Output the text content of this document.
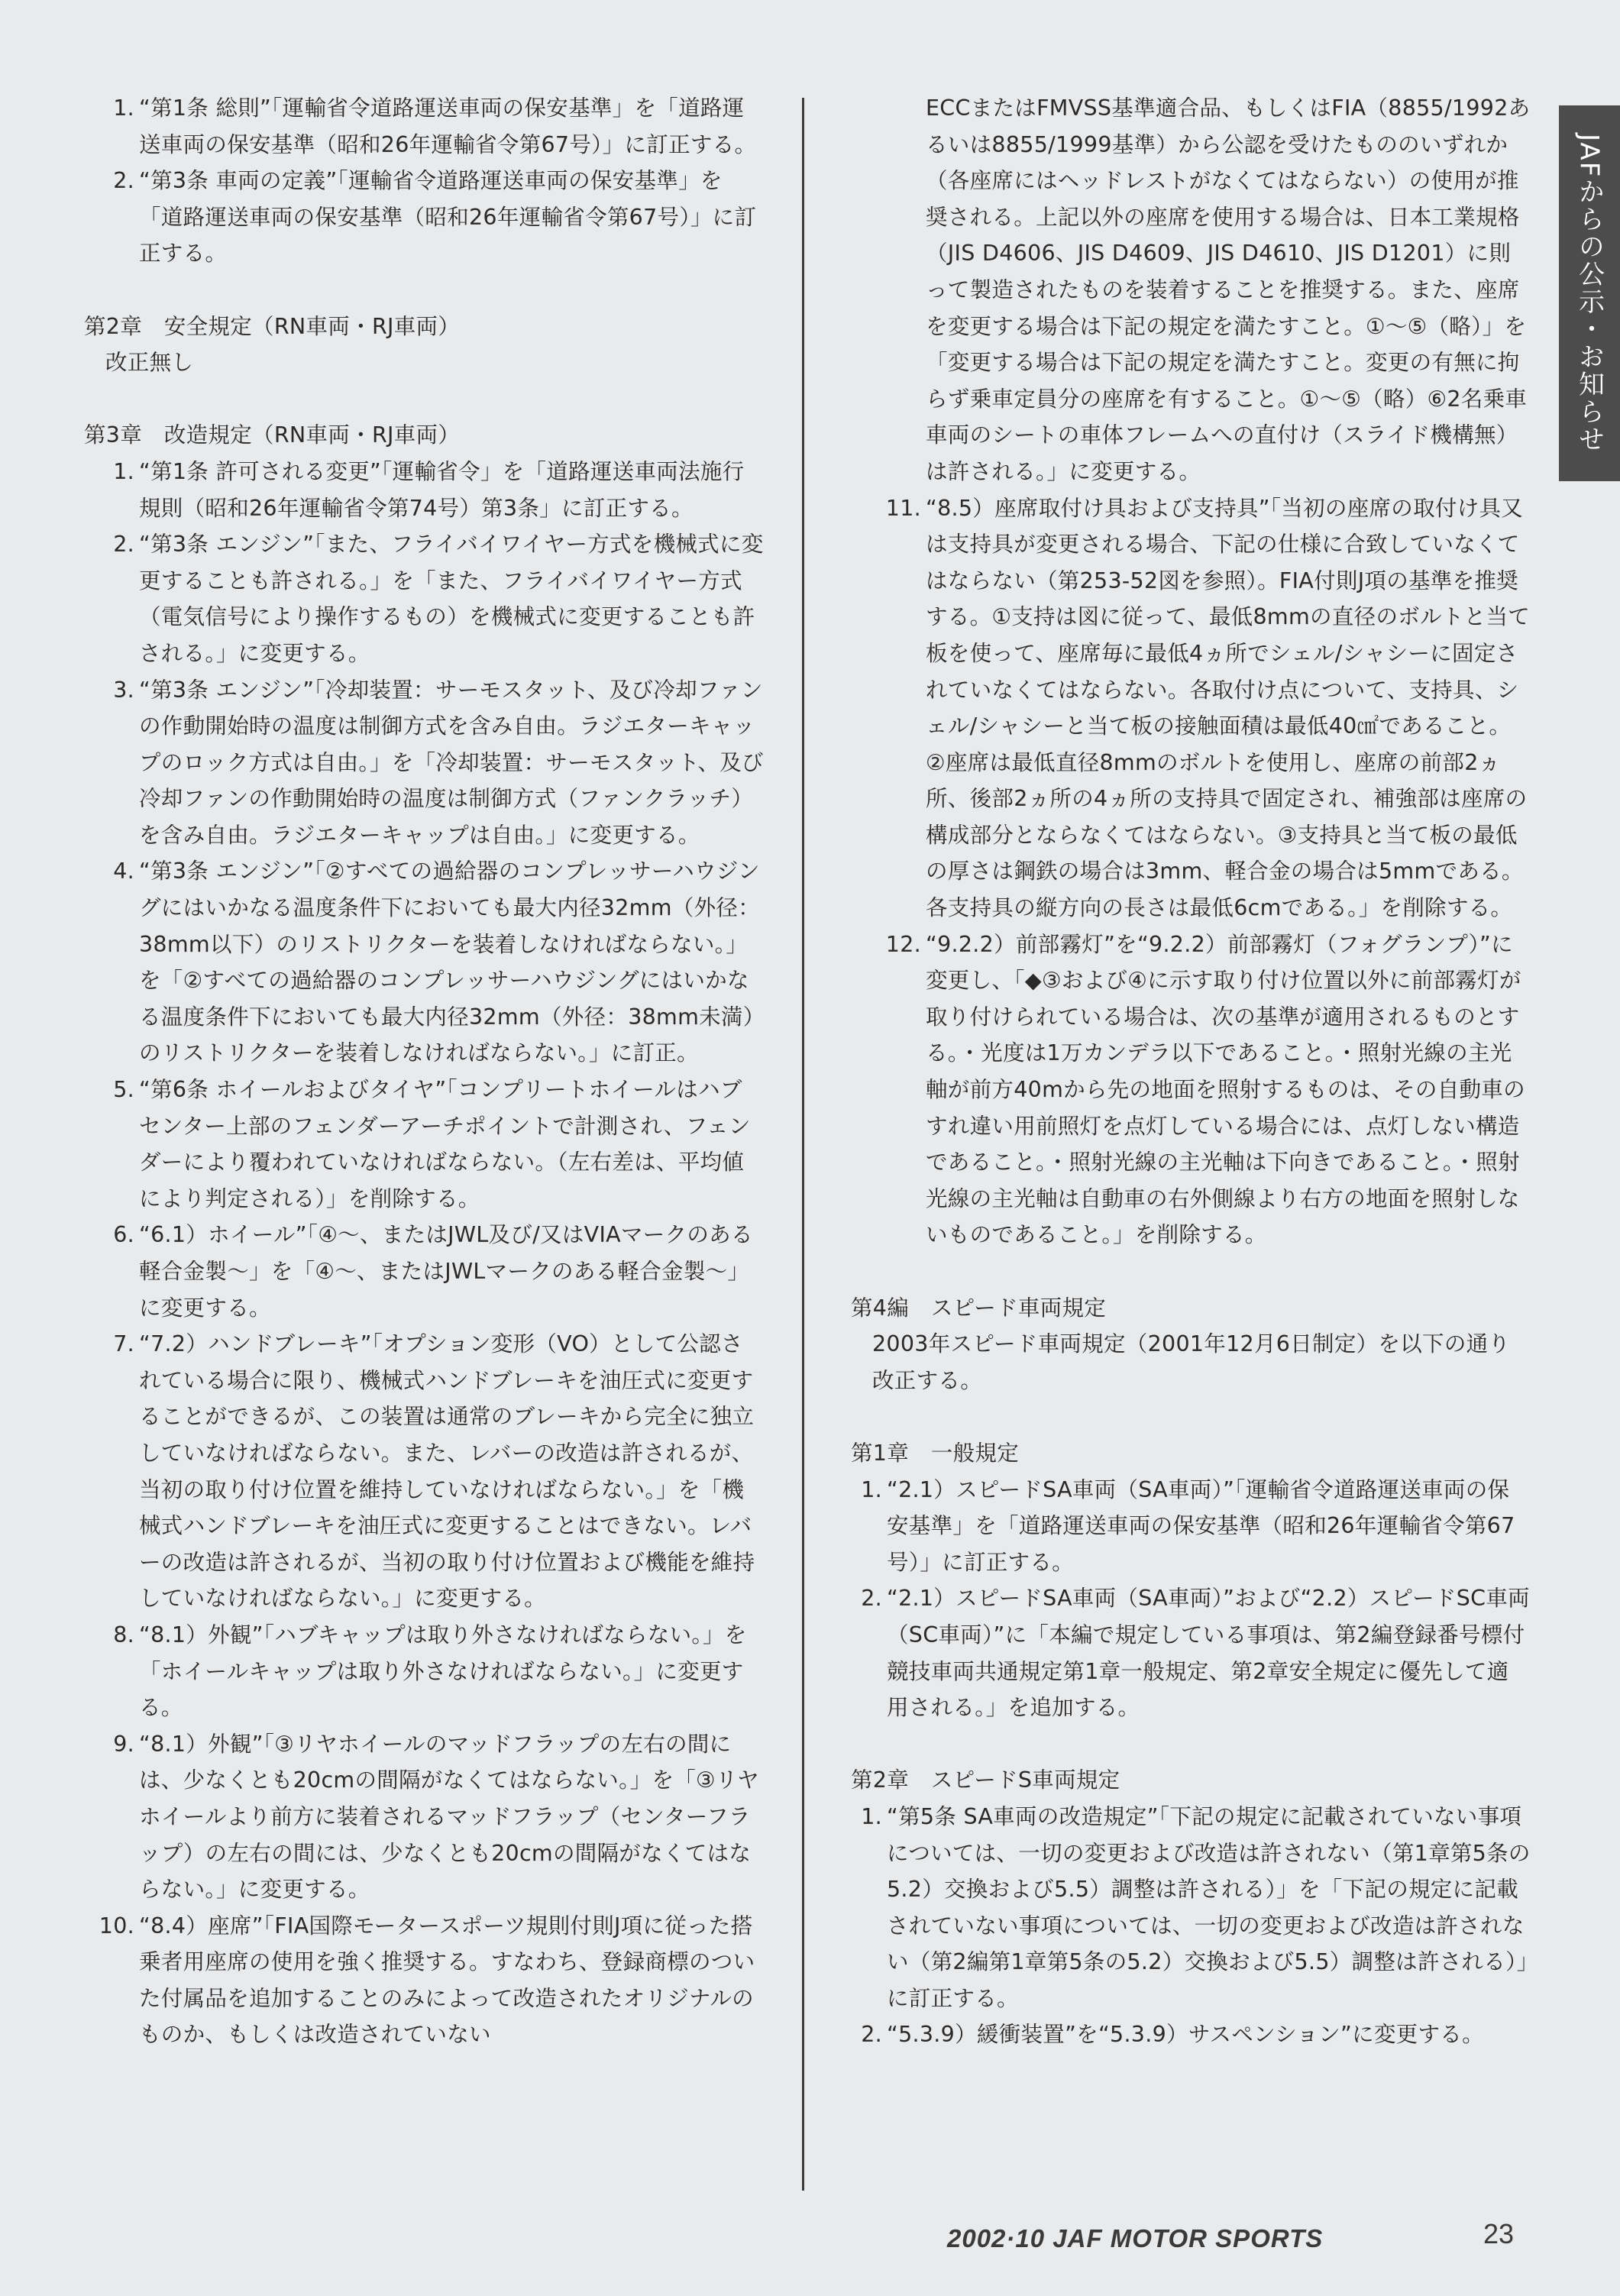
JAFからの公示・お知らせ
1. “第1条 総則”「運輸省令道路運送車両の保安基準」を「道路運送車両の保安基準（昭和26年運輸省令第67号）」に訂正する。
2. “第3条 車両の定義”「運輸省令道路運送車両の保安基準」を「道路運送車両の保安基準（昭和26年運輸省令第67号）」に訂正する。
第2章　安全規定（RN車両・RJ車両）
改正無し
第3章　改造規定（RN車両・RJ車両）
1. “第1条 許可される変更”「運輸省令」を「道路運送車両法施行規則（昭和26年運輸省令第74号）第3条」に訂正する。
2. “第3条 エンジン”「また、フライバイワイヤー方式を機械式に変更することも許される。」を「また、フライバイワイヤー方式（電気信号により操作するもの）を機械式に変更することも許される。」に変更する。
3. “第3条 エンジン”「冷却装置：サーモスタット、及び冷却ファンの作動開始時の温度は制御方式を含み自由。ラジエターキャップのロック方式は自由。」を「冷却装置：サーモスタット、及び冷却ファンの作動開始時の温度は制御方式（ファンクラッチ）を含み自由。ラジエターキャップは自由。」に変更する。
4. “第3条 エンジン”「②すべての過給器のコンプレッサーハウジングにはいかなる温度条件下においても最大内径32mm（外径：38mm以下）のリストリクターを装着しなければならない。」を「②すべての過給器のコンプレッサーハウジングにはいかなる温度条件下においても最大内径32mm（外径：38mm未満）のリストリクターを装着しなければならない。」に訂正。
5. “第6条 ホイールおよびタイヤ”「コンプリートホイールはハブセンター上部のフェンダーアーチポイントで計測され、フェンダーにより覆われていなければならない。（左右差は、平均値により判定される）」を削除する。
6. “6.1）ホイール”「④～、またはJWL及び/又はVIAマークのある軽合金製～」を「④～、またはJWLマークのある軽合金製～」に変更する。
7. “7.2）ハンドブレーキ”「オプション変形（VO）として公認されている場合に限り、機械式ハンドブレーキを油圧式に変更することができるが、この装置は通常のブレーキから完全に独立していなければならない。また、レバーの改造は許されるが、当初の取り付け位置を維持していなければならない。」を「機械式ハンドブレーキを油圧式に変更することはできない。レバーの改造は許されるが、当初の取り付け位置および機能を維持していなければならない。」に変更する。
8. “8.1）外観”「ハブキャップは取り外さなければならない。」を「ホイールキャップは取り外さなければならない。」に変更する。
9. “8.1）外観”「③リヤホイールのマッドフラップの左右の間には、少なくとも20cmの間隔がなくてはならない。」を「③リヤホイールより前方に装着されるマッドフラップ（センターフラップ）の左右の間には、少なくとも20cmの間隔がなくてはならない。」に変更する。
10. “8.4）座席”「FIA国際モータースポーツ規則付則J項に従った搭乗者用座席の使用を強く推奨する。すなわち、登録商標のついた付属品を追加することのみによって改造されたオリジナルのものか、もしくは改造されていない
ECCまたはFMVSS基準適合品、もしくはFIA（8855/1992あるいは8855/1999基準）から公認を受けたもののいずれか（各座席にはヘッドレストがなくてはならない）の使用が推奨される。上記以外の座席を使用する場合は、日本工業規格（JIS D4606、JIS D4609、JIS D4610、JIS D1201）に則って製造されたものを装着することを推奨する。また、座席を変更する場合は下記の規定を満たすこと。①～⑤（略）」を「変更する場合は下記の規定を満たすこと。変更の有無に拘らず乗車定員分の座席を有すること。①～⑤（略）⑥2名乗車車両のシートの車体フレームへの直付け（スライド機構無）は許される。」に変更する。
11. “8.5）座席取付け具および支持具”「当初の座席の取付け具又は支持具が変更される場合、下記の仕様に合致していなくてはならない（第253-52図を参照）。FIA付則J項の基準を推奨する。①支持は図に従って、最低8mmの直径のボルトと当て板を使って、座席毎に最低4ヵ所でシェル/シャシーに固定されていなくてはならない。各取付け点について、支持具、シェル/シャシーと当て板の接触面積は最低40㎠であること。②座席は最低直径8mmのボルトを使用し、座席の前部2ヵ所、後部2ヵ所の4ヵ所の支持具で固定され、補強部は座席の構成部分とならなくてはならない。③支持具と当て板の最低の厚さは鋼鉄の場合は3mm、軽合金の場合は5mmである。各支持具の縦方向の長さは最低6cmである。」を削除する。
12. “9.2.2）前部霧灯”を“9.2.2）前部霧灯（フォグランプ）”に変更し、「◆③および④に示す取り付け位置以外に前部霧灯が取り付けられている場合は、次の基準が適用されるものとする。・光度は1万カンデラ以下であること。・照射光線の主光軸が前方40mから先の地面を照射するものは、その自動車のすれ違い用前照灯を点灯している場合には、点灯しない構造であること。・照射光線の主光軸は下向きであること。・照射光線の主光軸は自動車の右外側線より右方の地面を照射しないものであること。」を削除する。
第4編　スピード車両規定
2003年スピード車両規定（2001年12月6日制定）を以下の通り改正する。
第1章　一般規定
1. “2.1）スピードSA車両（SA車両）”「運輸省令道路運送車両の保安基準」を「道路運送車両の保安基準（昭和26年運輸省令第67号）」に訂正する。
2. “2.1）スピードSA車両（SA車両）”および“2.2）スピードSC車両（SC車両）”に「本編で規定している事項は、第2編登録番号標付競技車両共通規定第1章一般規定、第2章安全規定に優先して適用される。」を追加する。
第2章　スピードS車両規定
1. “第5条 SA車両の改造規定”「下記の規定に記載されていない事項については、一切の変更および改造は許されない（第1章第5条の5.2）交換および5.5）調整は許される）」を「下記の規定に記載されていない事項については、一切の変更および改造は許されない（第2編第1章第5条の5.2）交換および5.5）調整は許される）」に訂正する。
2. “5.3.9）緩衝装置”を“5.3.9）サスペンション”に変更する。
2002·10 JAF MOTOR SPORTS	23
